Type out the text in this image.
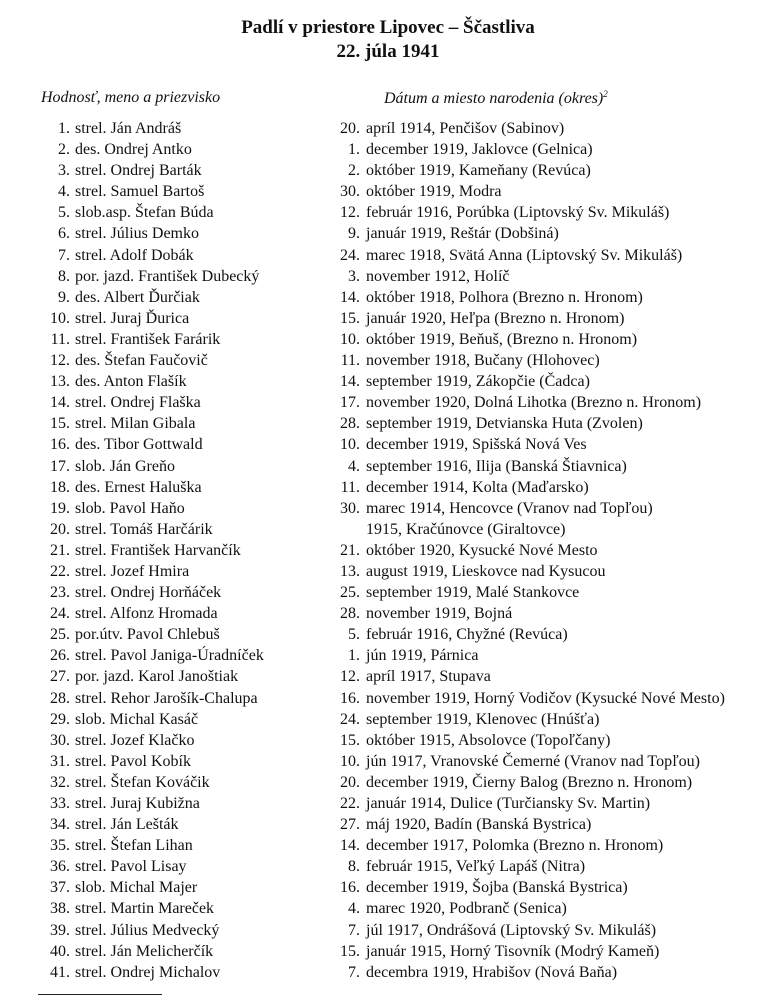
Padlí v priestore Lipovec – Ščastliva
22. júla 1941
Hodnosť, meno a priezvisko	Dátum a miesto narodenia (okres)$^2$
1. strel. Ján Andráš	20. apríl 1914, Penčišov (Sabinov)
2. des. Ondrej Antko	1. december 1919, Jaklovce (Gelnica)
3. strel. Ondrej Barták	2. október 1919, Kameňany (Revúca)
4. strel. Samuel Bartoš	30. október 1919, Modra
5. slob.asp. Štefan Búda	12. február 1916, Porúbka (Liptovský Sv. Mikuláš)
6. strel. Július Demko	9. január 1919, Reštár (Dobšiná)
7. strel. Adolf Dobák	24. marec 1918, Svätá Anna (Liptovský Sv. Mikuláš)
8. por. jazd. František Dubecký	3. november 1912, Holíč
9. des. Albert Ďurčiak	14. október 1918, Polhora (Brezno n. Hronom)
10. strel. Juraj Ďurica	15. január 1920, Heľpa (Brezno n. Hronom)
11. strel. František Farárik	10. október 1919, Beňuš, (Brezno n. Hronom)
12. des. Štefan Faučovič	11. november 1918, Bučany (Hlohovec)
13. des. Anton Flašík	14. september 1919, Zákopčie (Čadca)
14. strel. Ondrej Flaška	17. november 1920, Dolná Lihotka (Brezno n. Hronom)
15. strel. Milan Gibala	28. september 1919, Detvianska Huta (Zvolen)
16. des. Tibor Gottwald	10. december 1919, Spišská Nová Ves
17. slob. Ján Greňo	4. september 1916, Ilija (Banská Štiavnica)
18. des. Ernest Haluška	11. december 1914, Kolta (Maďarsko)
19. slob. Pavol Haňo	30. marec 1914, Hencovce (Vranov nad Topľou)
20. strel. Tomáš Harčárik	1915, Kračúnovce (Giraltovce)
21. strel. František Harvančík	21. október 1920, Kysucké Nové Mesto
22. strel. Jozef Hmira	13. august 1919, Lieskovce nad Kysucou
23. strel. Ondrej Horňáček	25. september 1919, Malé Stankovce
24. strel. Alfonz Hromada	28. november 1919, Bojná
25. por.útv. Pavol Chlebuš	5. február 1916, Chyžné (Revúca)
26. strel. Pavol Janiga-Úradníček	1. jún 1919, Párnica
27. por. jazd. Karol Janoštiak	12. apríl 1917, Stupava
28. strel. Rehor Jarošík-Chalupa	16. november 1919, Horný Vodičov (Kysucké Nové Mesto)
29. slob. Michal Kasáč	24. september 1919, Klenovec (Hnúšťa)
30. strel. Jozef Klačko	15. október 1915, Absolovce (Topoľčany)
31. strel. Pavol Kobík	10. jún 1917, Vranovské Čemerné (Vranov nad Topľou)
32. strel. Štefan Kováčik	20. december 1919, Čierny Balog (Brezno n. Hronom)
33. strel. Juraj Kubižna	22. január 1914, Dulice (Turčiansky Sv. Martin)
34. strel. Ján Lešták	27. máj 1920, Badín (Banská Bystrica)
35. strel. Štefan Lihan	14. december 1917, Polomka (Brezno n. Hronom)
36. strel. Pavol Lisay	8. február 1915, Veľký Lapáš (Nitra)
37. slob. Michal Majer	16. december 1919, Šojba (Banská Bystrica)
38. strel. Martin Mareček	4. marec 1920, Podbranč (Senica)
39. strel. Július Medvecký	7. júl 1917, Ondrášová (Liptovský Sv. Mikuláš)
40. strel. Ján Melicherčík	15. január 1915, Horný Tisovník (Modrý Kameň)
41. strel. Ondrej Michalov	7. decembra 1919, Hrabišov (Nová Baňa)
